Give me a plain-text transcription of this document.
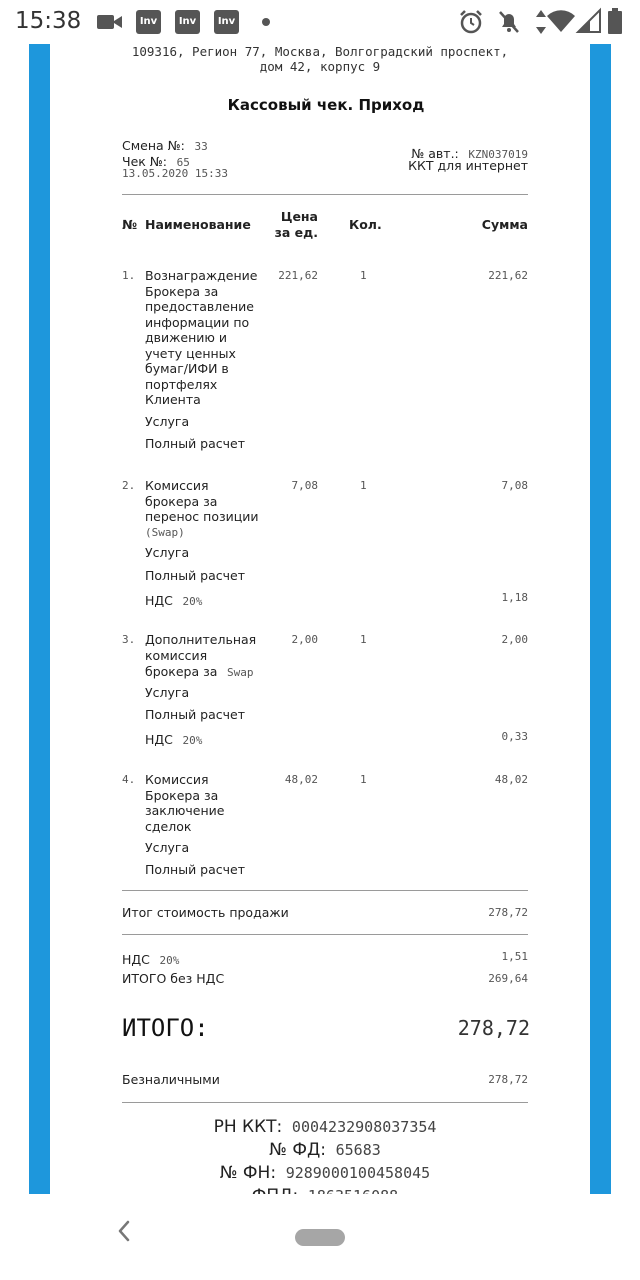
15:38	Inv	Inv	Inv
109316, Регион 77, Москва, Волгоградский проспект,
дом 42, корпус 9
Кассовый чек. Приход
Смена №: 33
Чек №: 65
13.05.2020 15:33
№ авт.: KZN037019
ККТ для интернет
№ Наименование
Цена
за ед.
Кол.	Сумма
1. Вознаграждение
Брокера за
предоставление
информации по
движению и
учету ценных
бумаг/ИФИ в
портфелях
Клиента
221,62	1	221,62
Услуга
Полный расчет
2. Комиссия
брокера за
перенос позиции
(Swap)
7,08	1	7,08
Услуга
Полный расчет
НДС 20%	1,18
3. Дополнительная
комиссия
брокера за Swap
2,00	1	2,00
Услуга
Полный расчет
НДС 20%	0,33
4. Комиссия
Брокера за
заключение
сделок
48,02	1	48,02
Услуга
Полный расчет
Итог стоимость продажи	278,72
НДС 20%	1,51
ИТОГО без НДС	269,64
ИТОГО:	278,72
Безналичными	278,72
РН ККТ: 0004232908037354
№ ФД: 65683
№ ФН: 9289000100458045
